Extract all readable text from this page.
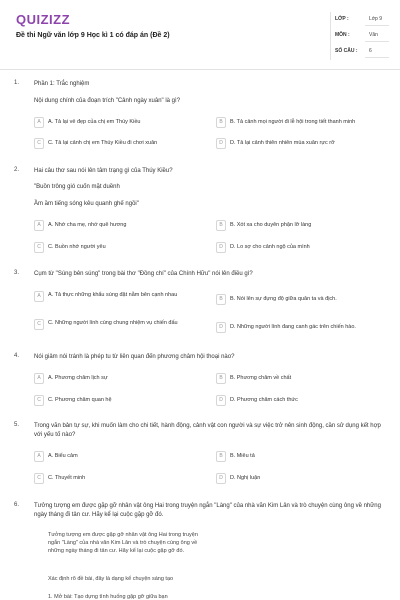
QUIZIZZ
Đề thi Ngữ văn lớp 9 Học kì 1 có đáp án (Đề 2)
LỚP :	Lớp 9
MÔN :	Văn
SỐ CÂU : 6
1. Phần 1: Trắc nghiệm
Nội dung chính của đoạn trích "Cảnh ngày xuân" là gì?
A	A. Tả lại vẻ đẹp của chị em Thúy Kiều	B	B. Tả cảnh mọi người đi lễ hội trong tiết thanh minh
C	C. Tả lại cảnh chị em Thúy Kiều đi chơi xuân	D	D. Tả lại cảnh thiên nhiên mùa xuân rực rỡ
2. Hai câu thơ sau nói lên tâm trạng gì của Thúy Kiều?
"Buồn trông gió cuốn mặt duềnh
Ầm ầm tiếng sóng kêu quanh ghế ngồi"
A	A. Nhớ cha mẹ, nhớ quê hương	B	B. Xót xa cho duyên phận lỡ làng
C	C. Buồn nhớ người yêu	D	D. Lo sợ cho cảnh ngộ của mình
3. Cụm từ "Súng bên súng" trong bài thơ "Đồng chí" của Chính Hữu" nói lên điều gì?
A	A. Tả thực những khẩu súng đặt nằm bên cạnh nhau
B	B. Nói lên sự đựng độ giữa quân ta và địch.
C	C. Những người lính cùng chung nhiệm vụ chiến đấu
D	D. Những người lính đang canh gác trên chiến hào.
4. Nói giảm nói tránh là phép tu từ liên quan đến phương châm hội thoại nào?
A	A. Phương châm lịch sự	B	B. Phương châm về chất
C	C. Phương châm quan hệ	D	D. Phương châm cách thức
5. Trong văn bản tự sự, khi muốn làm cho chi tiết, hành động, cảnh vật con người và sự việc trở nên sinh động, cần sử dụng kết hợp với yếu tố nào?
A	A. Biểu cảm	B	B. Miêu tả
C	C. Thuyết minh	D	D. Nghị luận
6. Tưởng tượng em được gặp gỡ nhân vật ông Hai trong truyện ngắn "Làng" của nhà văn Kim Lân và trò chuyện cùng ông về những ngày tháng đi tản cư. Hãy kể lại cuộc gặp gỡ đó.
Tưởng tượng em được gặp gỡ nhân vật ông Hai trong truyện ngắn "Làng" của nhà văn Kim Lân và trò chuyện cùng ông về những ngày tháng đi tản cư. Hãy kể lại cuộc gặp gỡ đó.
Xác định rõ đề bài, đây là dạng kể chuyện sáng tạo
1. Mở bài: Tạo dựng tình huống gặp gỡ giữa bạn
